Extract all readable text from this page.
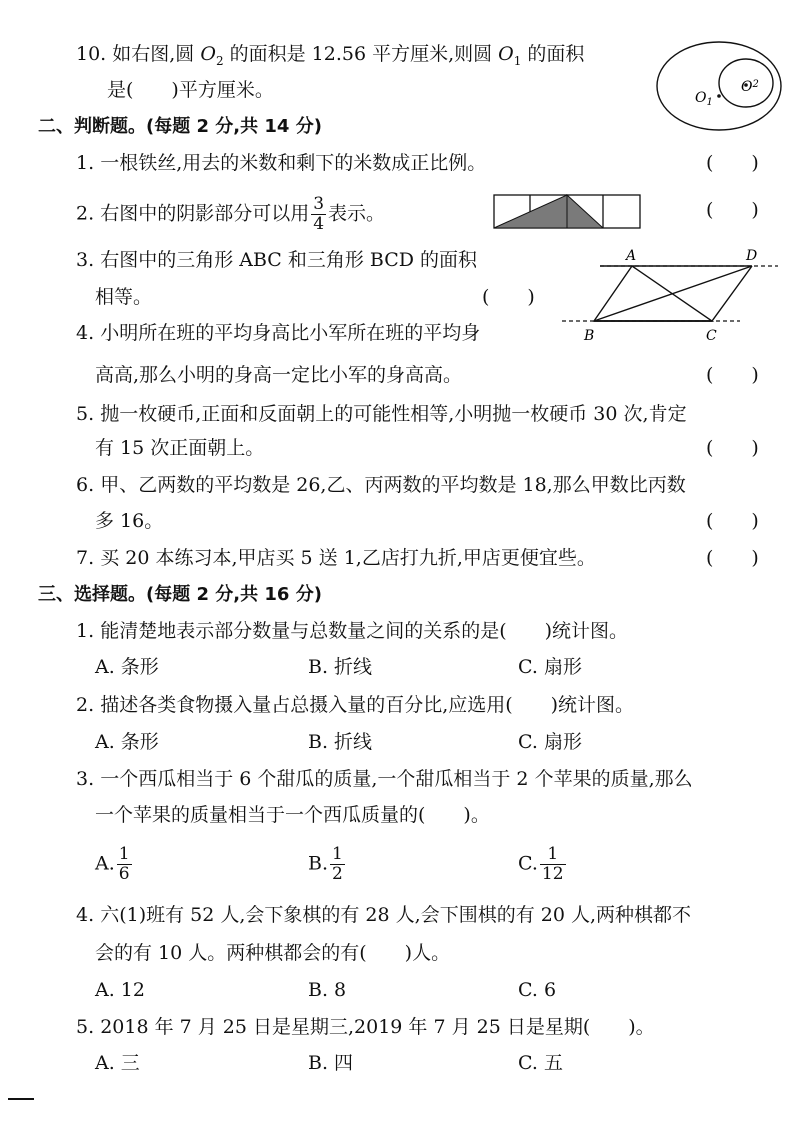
10. 如右图,圆 $O_2$ 的面积是 12.56 平方厘米,则圆 $O_1$ 的面积
是(　　)平方厘米。	$O_1$
$O^2$
二、判断题。(每题 2 分,共 14 分)
1. 一根铁丝,用去的米数和剩下的米数成正比例。	(　　)
2. 右图中的阴影部分可以用 $\frac{3}{4}$ 表示。	(　　)
3. 右图中的三角形 ABC 和三角形 BCD 的面积
相等。	(　　)
A	D
B	C
4. 小明所在班的平均身高比小军所在班的平均身
高高,那么小明的身高一定比小军的身高高。	(　　)
5. 抛一枚硬币,正面和反面朝上的可能性相等,小明抛一枚硬币 30 次,肯定
有 15 次正面朝上。	(　　)
6. 甲、乙两数的平均数是 26,乙、丙两数的平均数是 18,那么甲数比丙数
多 16。	(　　)
7. 买 20 本练习本,甲店买 5 送 1,乙店打九折,甲店更便宜些。	(　　)
三、选择题。(每题 2 分,共 16 分)
1. 能清楚地表示部分数量与总数量之间的关系的是(　　)统计图。
A. 条形	B. 折线	C. 扇形
2. 描述各类食物摄入量占总摄入量的百分比,应选用(　　)统计图。
A. 条形	B. 折线	C. 扇形
3. 一个西瓜相当于 6 个甜瓜的质量,一个甜瓜相当于 2 个苹果的质量,那么
一个苹果的质量相当于一个西瓜质量的(　　)。
A. $\frac{1}{6}$	B. $\frac{1}{2}$	C. $\frac{1}{12}$
4. 六(1)班有 52 人,会下象棋的有 28 人,会下围棋的有 20 人,两种棋都不
会的有 10 人。两种棋都会的有(　　)人。
A. 12	B. 8	C. 6
5. 2018 年 7 月 25 日是星期三,2019 年 7 月 25 日是星期(　　)。
A. 三	B. 四	C. 五
